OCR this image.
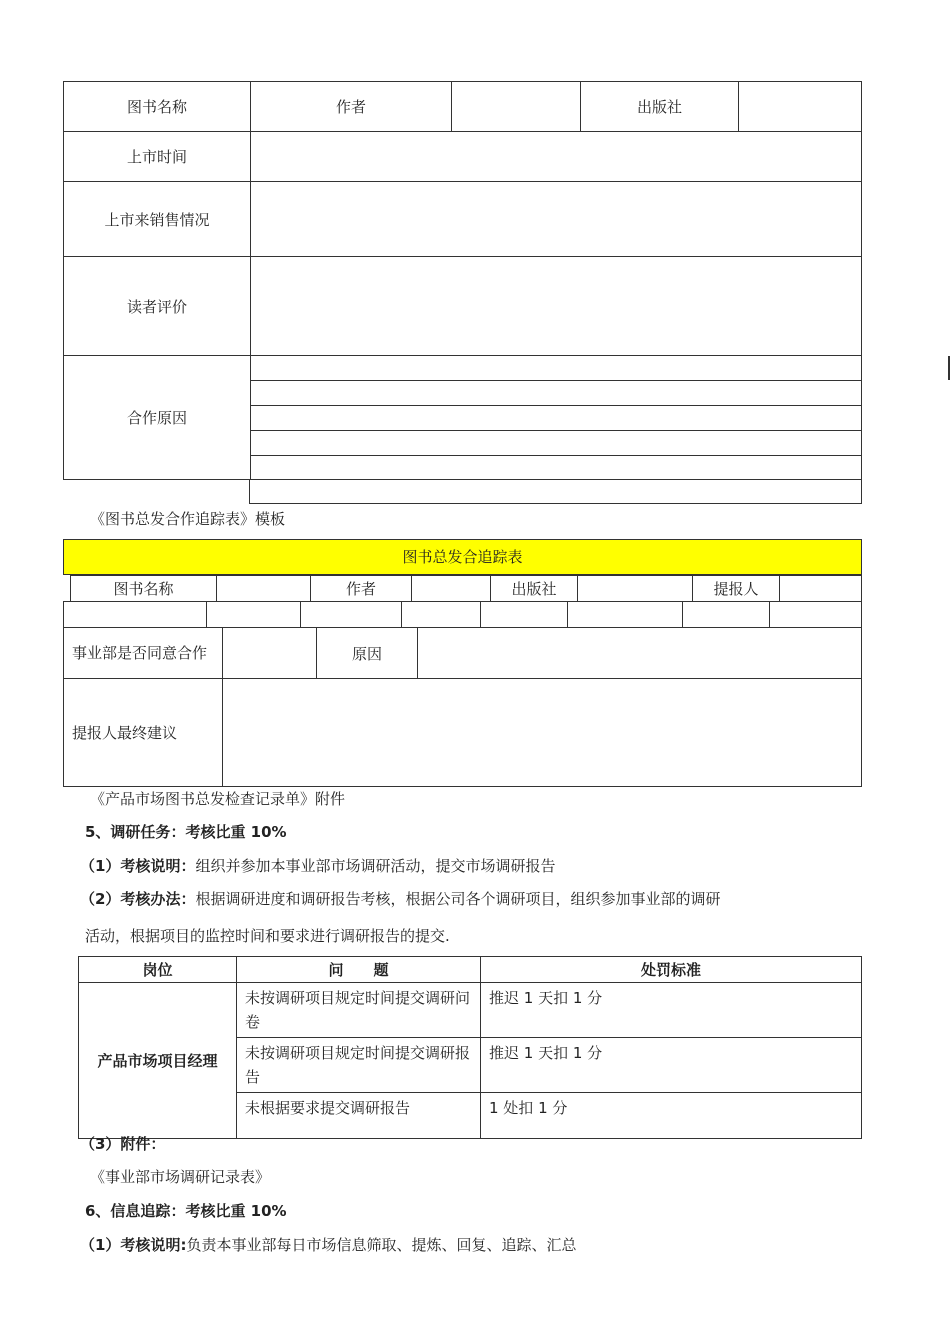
图书名称	作者		出版社	
上市时间				
上市来销售情况				
读者评价				
合作原因				

《图书总发合作追踪表》模板
图书总发合追踪表
图书名称		作者		出版社		提报人	

事业部是否同意合作		原因	
提报人最终建议			
《产品市场图书总发检查记录单》附件
5、调研任务：考核比重 10%
（1）考核说明：组织并参加本事业部市场调研活动，提交市场调研报告
（2）考核办法：根据调研进度和调研报告考核，根据公司各个调研项目，组织参加事业部的调研
活动，根据项目的监控时间和要求进行调研报告的提交.
岗位	问　　题	处罚标准
产品市场项目经理	未按调研项目规定时间提交调研问卷	推迟 1 天扣 1 分
	未按调研项目规定时间提交调研报告	推迟 1 天扣 1 分
	未根据要求提交调研报告	1 处扣 1 分
（3）附件：
《事业部市场调研记录表》
6、信息追踪：考核比重 10%
（1）考核说明:负责本事业部每日市场信息筛取、提炼、回复、追踪、汇总
